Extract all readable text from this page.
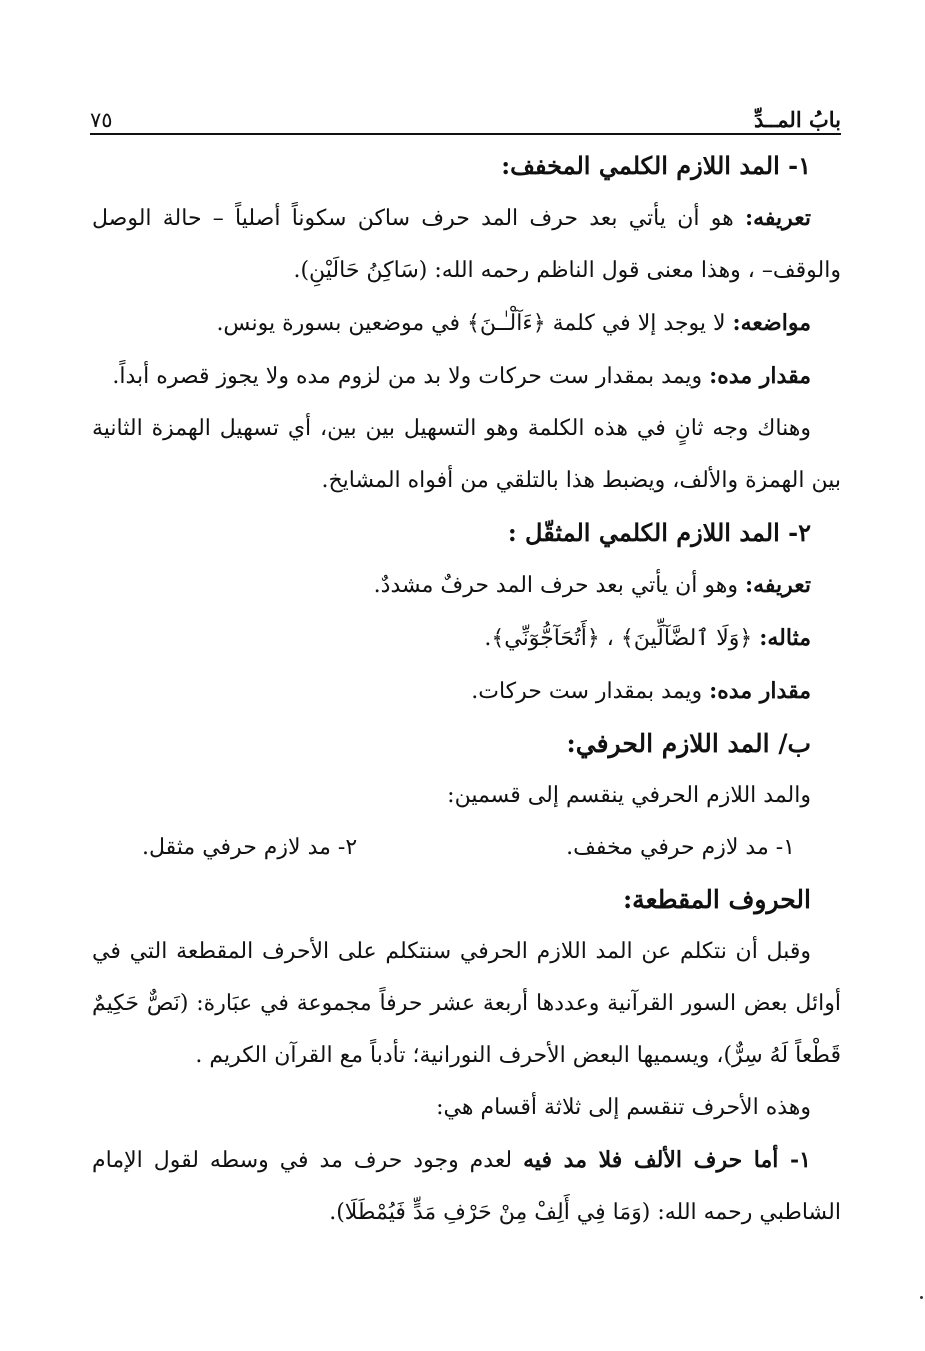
بابُ المــدِّ
٧٥

١- المد اللازم الكلمي المخفف:

تعريفه: هو أن يأتي بعد حرف المد حرف ساكن سكوناً أصلياً – حالة الوصل والوقف– ، وهذا معنى قول الناظم رحمه الله: (سَاكِنُ حَالَيْنِ).

مواضعه: لا يوجد إلا في كلمة ﴿ءَآلْـٰـنَ﴾ في موضعين بسورة يونس.

مقدار مده: ويمد بمقدار ست حركات ولا بد من لزوم مده ولا يجوز قصره أبداً.

وهناك وجه ثانٍ في هذه الكلمة وهو التسهيل بين بين، أي تسهيل الهمزة الثانية بين الهمزة والألف، ويضبط هذا بالتلقي من أفواه المشايخ.

٢- المد اللازم الكلمي المثقّل :

تعريفه: وهو أن يأتي بعد حرف المد حرفٌ مشددٌ.

مثاله: ﴿وَلَا ٱلضَّآلِّينَ﴾ ، ﴿أَتُحَآجُّوٓنِّي﴾.

مقدار مده: ويمد بمقدار ست حركات.

ب/ المد اللازم الحرفي:

والمد اللازم الحرفي ينقسم إلى قسمين:

١- مد لازم حرفي مخفف.
٢- مد لازم حرفي مثقل.

الحروف المقطعة:

وقبل أن نتكلم عن المد اللازم الحرفي سنتكلم على الأحرف المقطعة التي في أوائل بعض السور القرآنية وعددها أربعة عشر حرفاً مجموعة في عبَارة: (نَصٌّ حَكِيمٌ قَطْعاً لَهُ سِرٌّ)، ويسميها البعض الأحرف النورانية؛ تأدباً مع القرآن الكريم .

وهذه الأحرف تنقسم إلى ثلاثة أقسام هي:

١- أما حرف الألف فلا مد فيه لعدم وجود حرف مد في وسطه لقول الإمام الشاطبي رحمه الله: (وَمَا فِي أَلِفْ مِنْ حَرْفِ مَدٍّ فَيُمْطَلَا).
